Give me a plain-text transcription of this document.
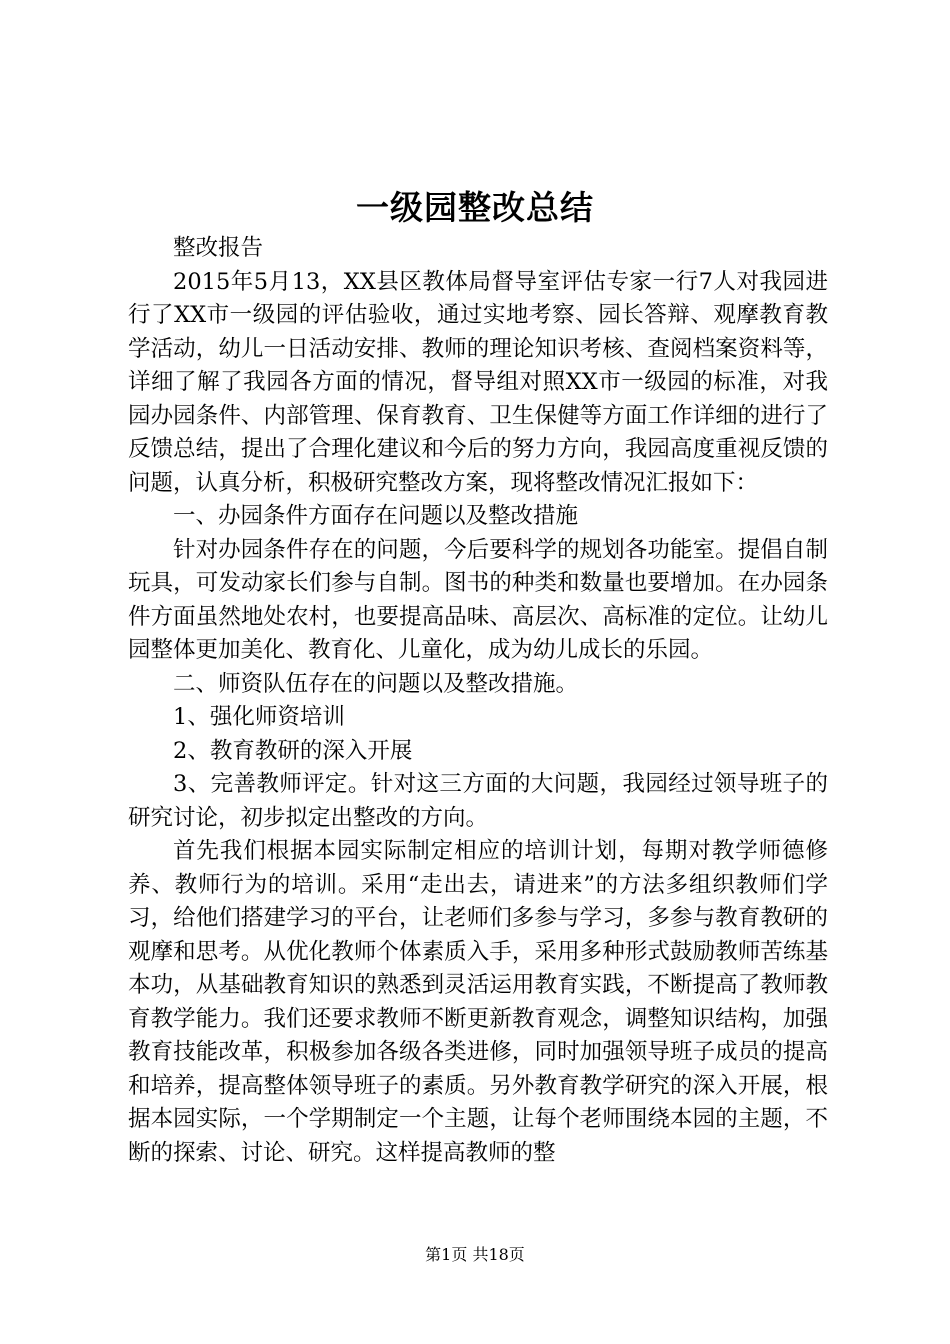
一级园整改总结

整改报告

2015年5月13，XX县区教体局督导室评估专家一行7人对我园进行了XX市一级园的评估验收，通过实地考察、园长答辩、观摩教育教学活动，幼儿一日活动安排、教师的理论知识考核、查阅档案资料等，详细了解了我园各方面的情况，督导组对照XX市一级园的标准，对我园办园条件、内部管理、保育教育、卫生保健等方面工作详细的进行了反馈总结，提出了合理化建议和今后的努力方向，我园高度重视反馈的问题，认真分析，积极研究整改方案，现将整改情况汇报如下：

一、办园条件方面存在问题以及整改措施

针对办园条件存在的问题，今后要科学的规划各功能室。提倡自制玩具，可发动家长们参与自制。图书的种类和数量也要增加。在办园条件方面虽然地处农村，也要提高品味、高层次、高标准的定位。让幼儿园整体更加美化、教育化、儿童化，成为幼儿成长的乐园。

二、师资队伍存在的问题以及整改措施。

1、强化师资培训

2、教育教研的深入开展

3、完善教师评定。针对这三方面的大问题，我园经过领导班子的研究讨论，初步拟定出整改的方向。

首先我们根据本园实际制定相应的培训计划，每期对教学师德修养、教师行为的培训。采用“走出去，请进来”的方法多组织教师们学习，给他们搭建学习的平台，让老师们多参与学习，多参与教育教研的观摩和思考。从优化教师个体素质入手，采用多种形式鼓励教师苦练基本功，从基础教育知识的熟悉到灵活运用教育实践，不断提高了教师教育教学能力。我们还要求教师不断更新教育观念，调整知识结构，加强教育技能改革，积极参加各级各类进修，同时加强领导班子成员的提高和培养，提高整体领导班子的素质。另外教育教学研究的深入开展，根据本园实际，一个学期制定一个主题，让每个老师围绕本园的主题，不断的探索、讨论、研究。这样提高教师的整

第1页 共18页
